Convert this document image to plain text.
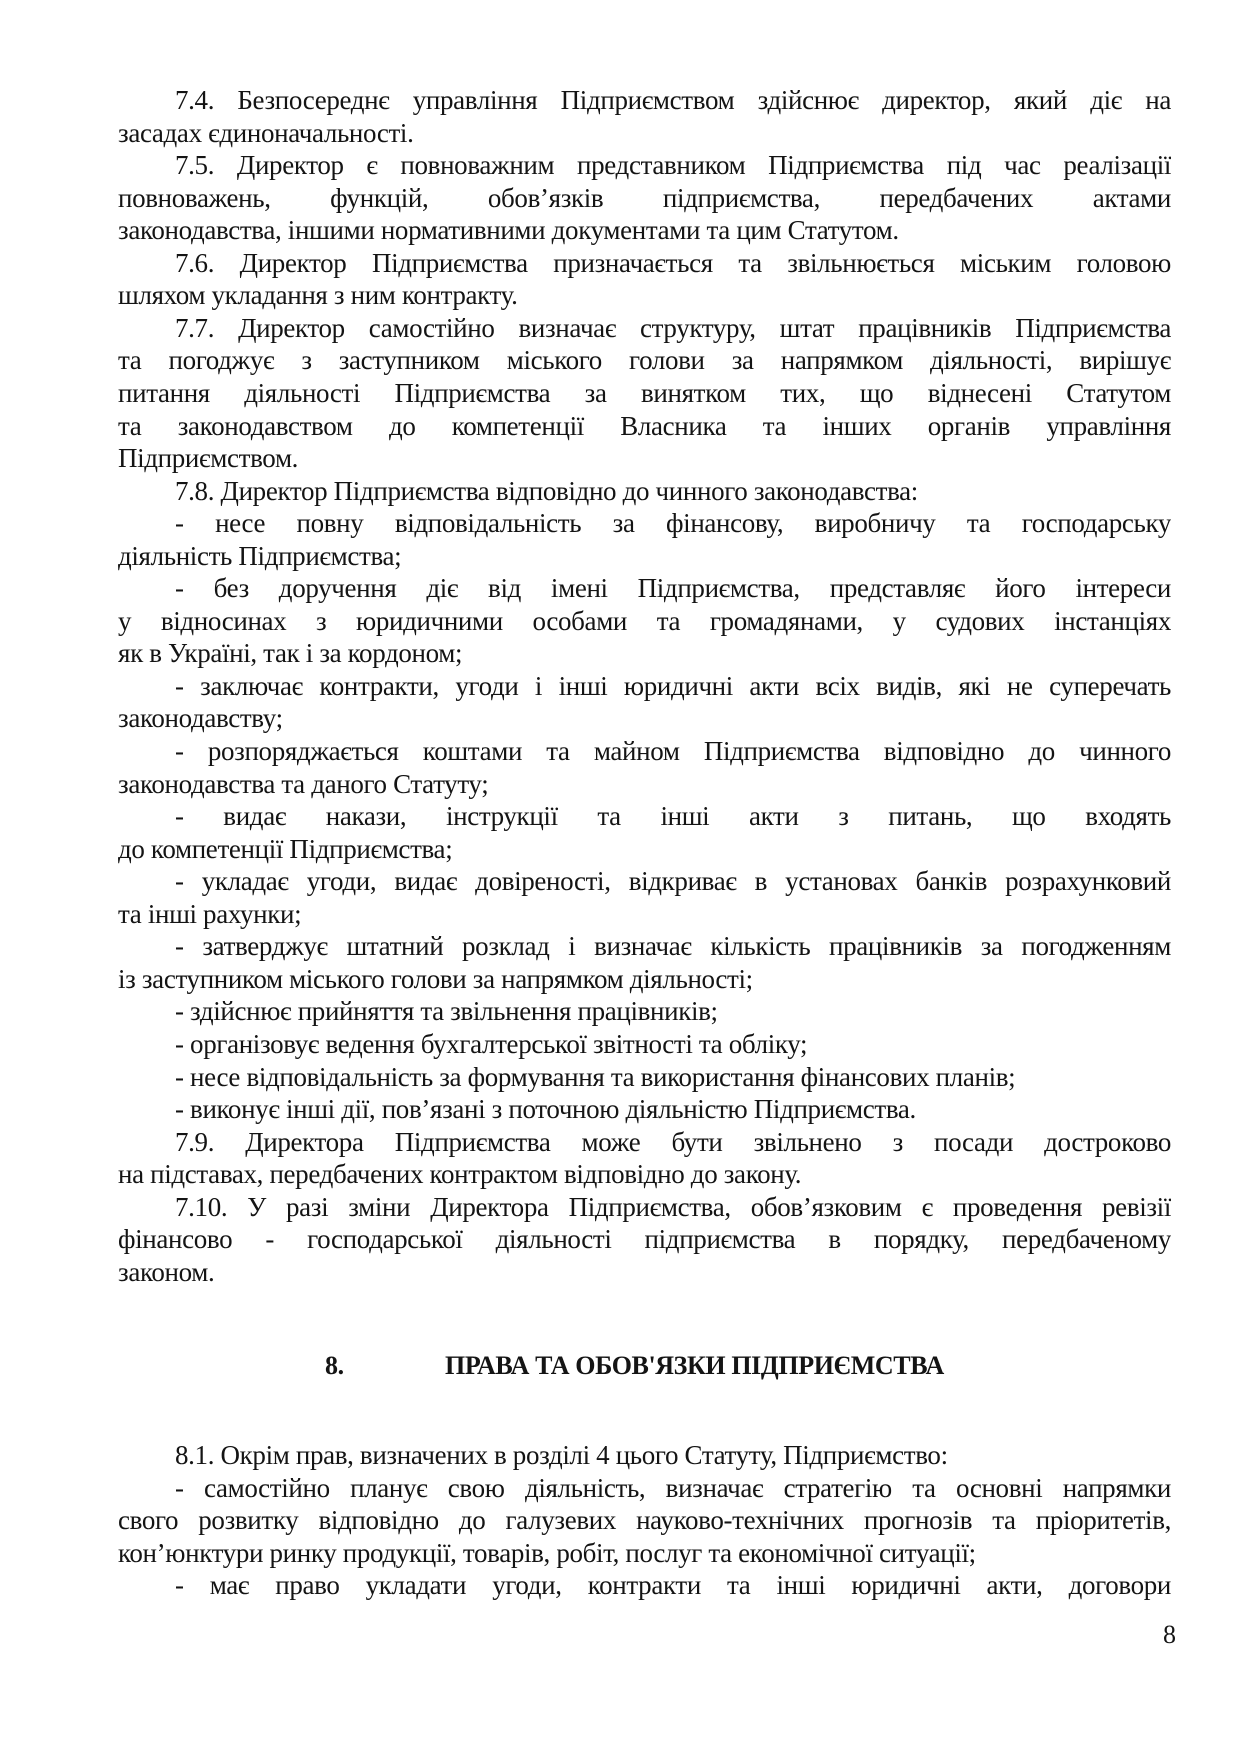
7.4. Безпосереднє управління Підприємством здійснює директор, який діє на
засадах єдиноначальності.
7.5. Директор є повноважним представником Підприємства під час реалізації
повноважень, функцій, обов’язків підприємства, передбачених актами
законодавства, іншими нормативними документами та цим Статутом.
7.6. Директор Підприємства призначається та звільнюється міським головою
шляхом укладання з ним контракту.
7.7. Директор самостійно визначає структуру, штат працівників Підприємства
та погоджує з заступником міського голови за напрямком діяльності, вирішує
питання діяльності Підприємства за винятком тих, що віднесені Статутом
та законодавством до компетенції Власника та інших органів управління
Підприємством.
7.8. Директор Підприємства відповідно до чинного законодавства:
- несе повну відповідальність за фінансову, виробничу та господарську
діяльність Підприємства;
- без доручення діє від імені Підприємства, представляє його інтереси
у відносинах з юридичними особами та громадянами, у судових інстанціях
як в Україні, так і за кордоном;
- заключає контракти, угоди і інші юридичні акти всіх видів, які не суперечать
законодавству;
- розпоряджається коштами та майном Підприємства відповідно до чинного
законодавства та даного Статуту;
- видає накази, інструкції та інші акти з питань, що входять
до компетенції Підприємства;
- укладає угоди, видає довіреності, відкриває в установах банків розрахунковий
та інші рахунки;
- затверджує штатний розклад і визначає кількість працівників за погодженням
із заступником міського голови за напрямком діяльності;
- здійснює прийняття та звільнення працівників;
- організовує ведення бухгалтерської звітності та обліку;
- несе відповідальність за формування та використання фінансових планів;
- виконує інші дії, пов’язані з поточною діяльністю Підприємства.
7.9. Директора Підприємства може бути звільнено з посади достроково
на підставах, передбачених контрактом відповідно до закону.
7.10. У разі зміни Директора Підприємства, обов’язковим є проведення ревізії
фінансово - господарської діяльності підприємства в порядку, передбаченому
законом.
8.	ПРАВА ТА ОБОВ'ЯЗКИ ПІДПРИЄМСТВА
8.1. Окрім прав, визначених в розділі 4 цього Статуту, Підприємство:
- самостійно планує свою діяльність, визначає стратегію та основні напрямки
свого розвитку відповідно до галузевих науково-технічних прогнозів та пріоритетів,
кон’юнктури ринку продукції, товарів, робіт, послуг та економічної ситуації;
- має право укладати угоди, контракти та інші юридичні акти, договори
8
